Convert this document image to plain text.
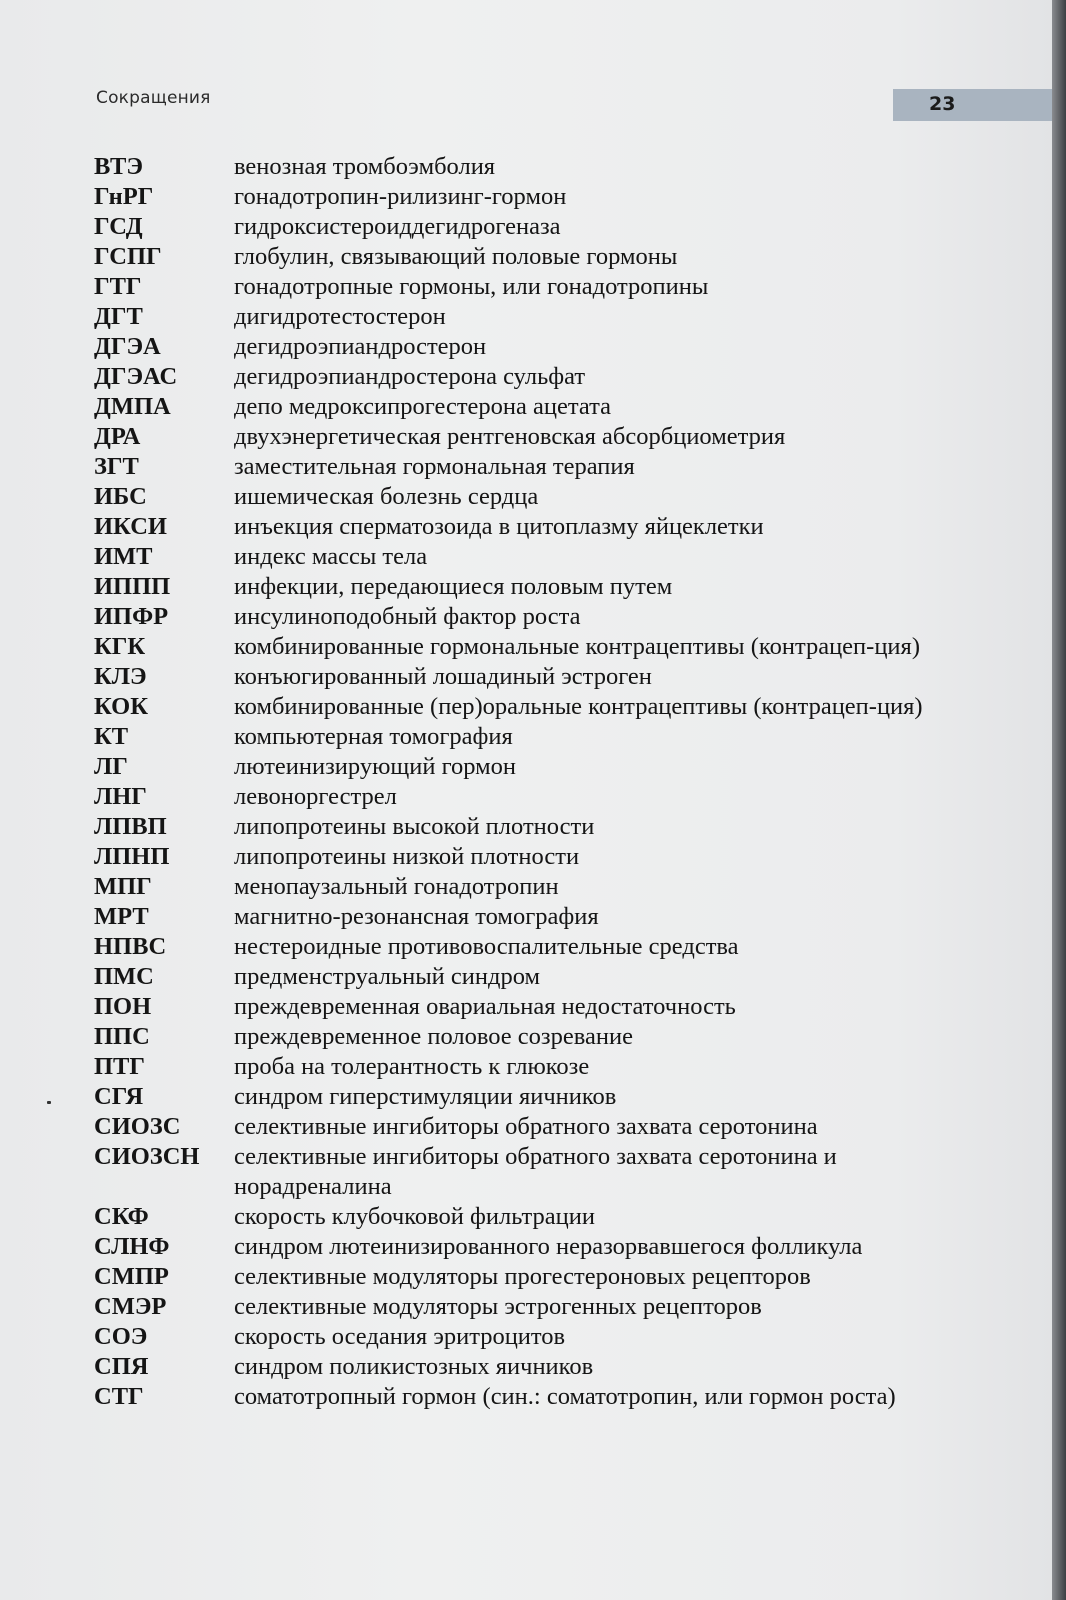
Сокращения	23
ВТЭ	венозная тромбоэмболия
ГнРГ	гонадотропин-рилизинг-гормон
ГСД	гидроксистероиддегидрогеназа
ГСПГ	глобулин, связывающий половые гормоны
ГТГ	гонадотропные гормоны, или гонадотропины
ДГТ	дигидротестостерон
ДГЭА	дегидроэпиандростерон
ДГЭАС	дегидроэпиандростерона сульфат
ДМПА	депо медроксипрогестерона ацетата
ДРА	двухэнергетическая рентгеновская абсорбциометрия
ЗГТ	заместительная гормональная терапия
ИБС	ишемическая болезнь сердца
ИКСИ	инъекция сперматозоида в цитоплазму яйцеклетки
ИМТ	индекс массы тела
ИППП	инфекции, передающиеся половым путем
ИПФР	инсулиноподобный фактор роста
КГК	комбинированные гормональные контрацептивы (контрацеп-ция)
КЛЭ	конъюгированный лошадиный эстроген
КОК	комбинированные (пер)оральные контрацептивы (контрацеп-ция)
КТ	компьютерная томография
ЛГ	лютеинизирующий гормон
ЛНГ	левоноргестрел
ЛПВП	липопротеины высокой плотности
ЛПНП	липопротеины низкой плотности
МПГ	менопаузальный гонадотропин
МРТ	магнитно-резонансная томография
НПВС	нестероидные противовоспалительные средства
ПМС	предменструальный синдром
ПОН	преждевременная овариальная недостаточность
ППС	преждевременное половое созревание
ПТГ	проба на толерантность к глюкозе
СГЯ	синдром гиперстимуляции яичников
СИОЗС	селективные ингибиторы обратного захвата серотонина
СИОЗСН	селективные ингибиторы обратного захвата серотонина и норадреналина
СКФ	скорость клубочковой фильтрации
СЛНФ	синдром лютеинизированного неразорвавшегося фолликула
СМПР	селективные модуляторы прогестероновых рецепторов
СМЭР	селективные модуляторы эстрогенных рецепторов
СОЭ	скорость оседания эритроцитов
СПЯ	синдром поликистозных яичников
СТГ	соматотропный гормон (син.: соматотропин, или гормон роста)
